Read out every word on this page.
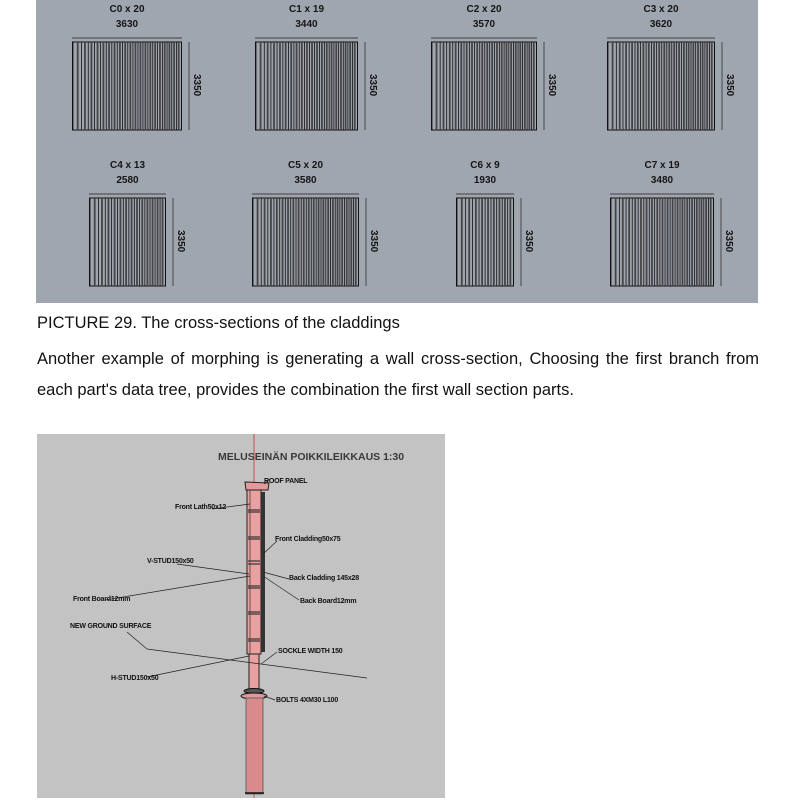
C0 x 20
3630
3350
C1 x 19
3440
3350
C2 x 20
3570
3350
C3 x 20
3620
3350
C4 x 13
2580
3350
C5 x 20
3580
3350
C6 x 9
1930
3350
C7 x 19
3480
3350
PICTURE 29. The cross-sections of the claddings
Another example of morphing is generating a wall cross-section, Choosing the first branch from each part's data tree, provides the combination the first wall section parts.
MELUSEINÄN POIKKILEIKKAUS 1:30
ROOF PANEL
Front Lath50x12
Front Cladding50x75
V-STUD150x50
Back Cladding 145x28
Front Board12mm	Back Board12mm
NEW GROUND SURFACE
SOCKLE WIDTH 150
H-STUD150x50
BOLTS 4XM30 L100
